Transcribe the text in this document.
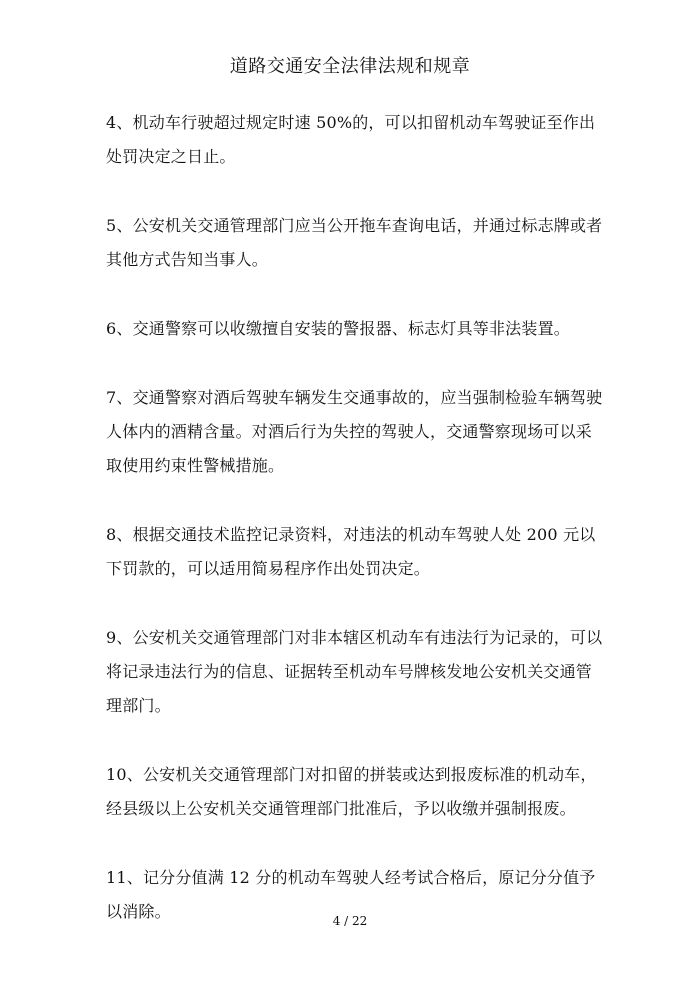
道路交通安全法律法规和规章

4、机动车行驶超过规定时速 50%的，可以扣留机动车驾驶证至作出处罚决定之日止。

5、公安机关交通管理部门应当公开拖车查询电话，并通过标志牌或者其他方式告知当事人。

6、交通警察可以收缴擅自安装的警报器、标志灯具等非法装置。

7、交通警察对酒后驾驶车辆发生交通事故的，应当强制检验车辆驾驶人体内的酒精含量。对酒后行为失控的驾驶人，交通警察现场可以采取使用约束性警械措施。

8、根据交通技术监控记录资料，对违法的机动车驾驶人处 200 元以下罚款的，可以适用简易程序作出处罚决定。

9、公安机关交通管理部门对非本辖区机动车有违法行为记录的，可以将记录违法行为的信息、证据转至机动车号牌核发地公安机关交通管理部门。

10、公安机关交通管理部门对扣留的拼装或达到报废标准的机动车，经县级以上公安机关交通管理部门批准后，予以收缴并强制报废。

11、记分分值满 12 分的机动车驾驶人经考试合格后，原记分分值予以消除。	4 / 22
